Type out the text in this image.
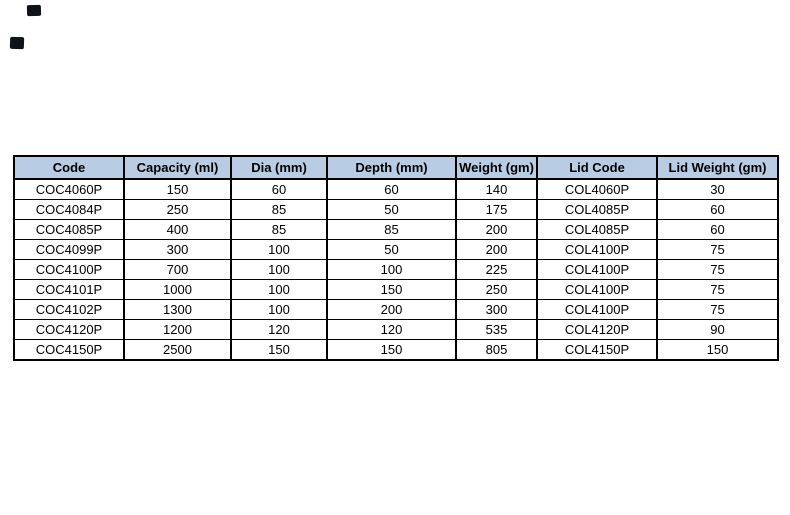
Code	Capacity (ml)	Dia (mm)	Depth (mm)	Weight (gm)	Lid Code	Lid Weight (gm)
COC4060P	150	60	60	140	COL4060P	30
COC4084P	250	85	50	175	COL4085P	60
COC4085P	400	85	85	200	COL4085P	60
COC4099P	300	100	50	200	COL4100P	75
COC4100P	700	100	100	225	COL4100P	75
COC4101P	1000	100	150	250	COL4100P	75
COC4102P	1300	100	200	300	COL4100P	75
COC4120P	1200	120	120	535	COL4120P	90
COC4150P	2500	150	150	805	COL4150P	150
